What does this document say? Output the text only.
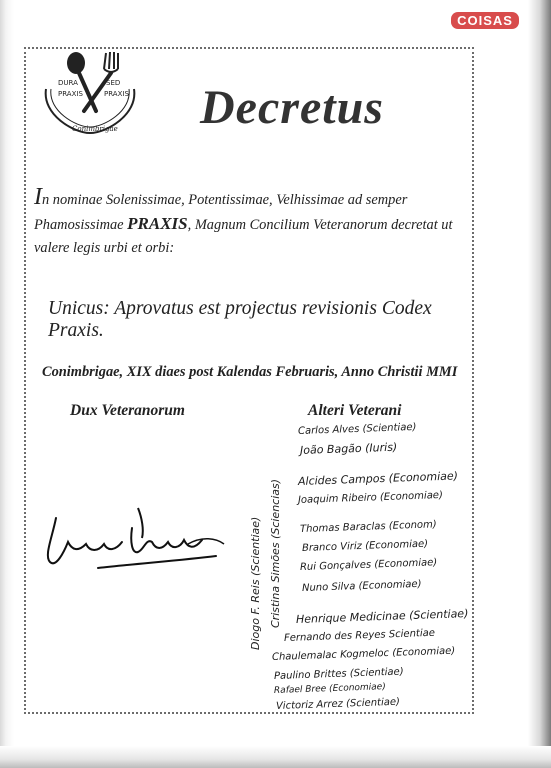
COISAS
DURA
PRAXIS
SED
PRAXIS
Conimbrigae Decretus
In nominae Solenissimae, Potentissimae, Velhissimae ad semper
Phamosissimae PRAXIS, Magnum Concilium Veteranorum decretat ut
valere legis urbi et orbi:
Unicus: Aprovatus est projectus revisionis Codex Praxis.
Conimbrigae, XIX diaes post Kalendas Februaris, Anno Christii MMI
Dux Veteranorum	Alteri Veterani
Diogo F. Reis (Scientiae) Cristina Simões (Sciencias)
Carlos Alves (Scientiae)
João Bagão (Iuris)
Alcides Campos (Economiae)
Joaquim Ribeiro (Economiae)
Thomas Baraclas (Econom)
Branco Viriz (Economiae)
Rui Gonçalves (Economiae)
Nuno Silva (Economiae)
Henrique Medicinae (Scientiae)
Fernando des Reyes Scientiae
Chaulemalac Kogmeloc (Economiae)
Paulino Brittes (Scientiae)
Rafael Bree (Economiae)
Victoriz Arrez (Scientiae)
